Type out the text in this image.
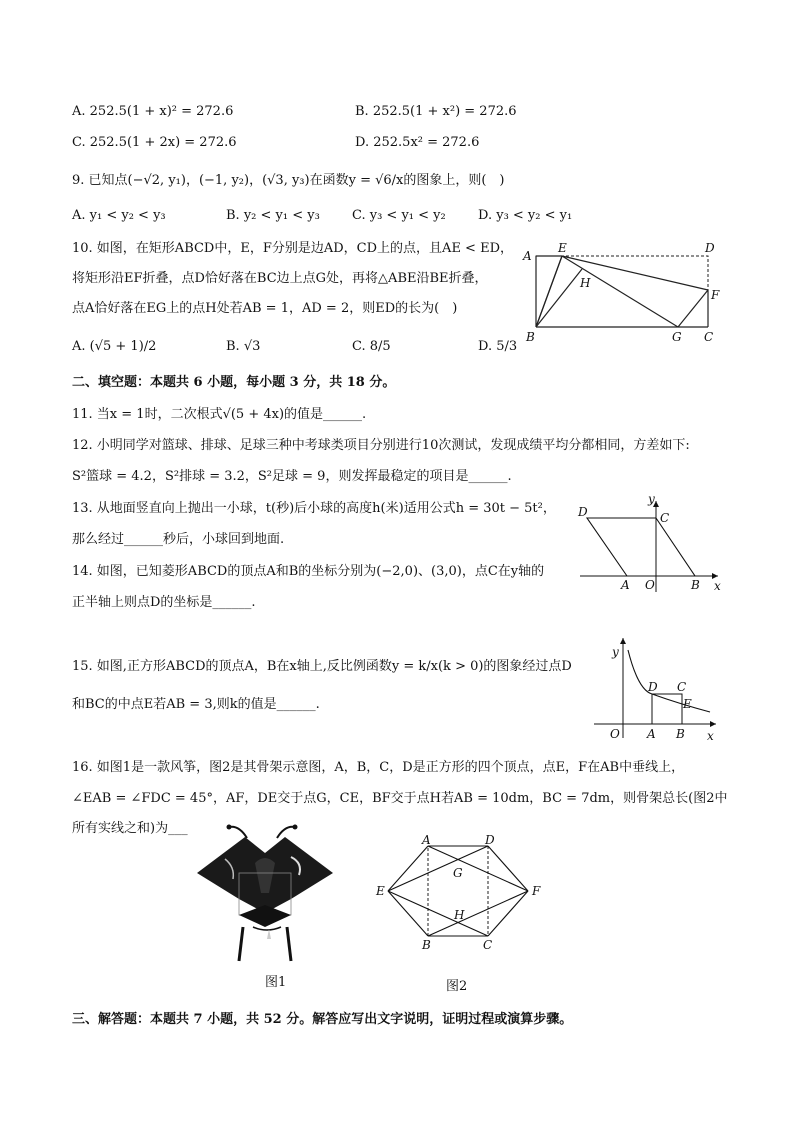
A. 252.5(1 + x)² = 272.6	B. 252.5(1 + x²) = 272.6
C. 252.5(1 + 2x) = 272.6	D. 252.5x² = 272.6
9. 已知点(−√2, y₁)，(−1, y₂)，(√3, y₃)在函数y = √6/x的图象上，则(　)
A. y₁ < y₂ < y₃	B. y₂ < y₁ < y₃ C. y₃ < y₁ < y₂ D. y₃ < y₂ < y₁
10. 如图，在矩形ABCD中，E，F分别是边AD，CD上的点，且AE < ED，
将矩形沿EF折叠，点D恰好落在BC边上点G处，再将△ABE沿BE折叠，
点A恰好落在EG上的点H处若AB = 1，AD = 2，则ED的长为(　)
A. (√5 + 1)/2	B. √3	C. 8/5	D. 5/3
A
E	D
H
F
B	G C
二、填空题：本题共 6 小题，每小题 3 分，共 18 分。
11. 当x = 1时，二次根式√(5 + 4x)的值是______.
12. 小明同学对篮球、排球、足球三种中考球类项目分别进行10次测试，发现成绩平均分都相同，方差如下:
S²篮球 = 4.2，S²排球 = 3.2，S²足球 = 9，则发挥最稳定的项目是______.
13. 从地面竖直向上抛出一小球，t(秒)后小球的高度h(米)适用公式h = 30t − 5t²，
那么经过______秒后，小球回到地面.
14. 如图，已知菱形ABCD的顶点A和B的坐标分别为(−2,0)、(3,0)，点C在y轴的
正半轴上则点D的坐标是______.
D	C
A O	B x
y
15. 如图,正方形ABCD的顶点A，B在x轴上,反比例函数y = k/x(k > 0)的图象经过点D
和BC的中点E若AB = 3,则k的值是______.
y
D C
E
O A B x
16. 如图1是一款风筝，图2是其骨架示意图，A，B，C，D是正方形的四个顶点，点E，F在AB中垂线上，
∠EAB = ∠FDC = 45°，AF，DE交于点G，CE，BF交于点H若AB = 10dm，BC = 7dm，则骨架总长(图2中
所有实线之和)为___
图1
A	D
G
E	F
H
B	C
图2
三、解答题：本题共 7 小题，共 52 分。解答应写出文字说明，证明过程或演算步骤。
